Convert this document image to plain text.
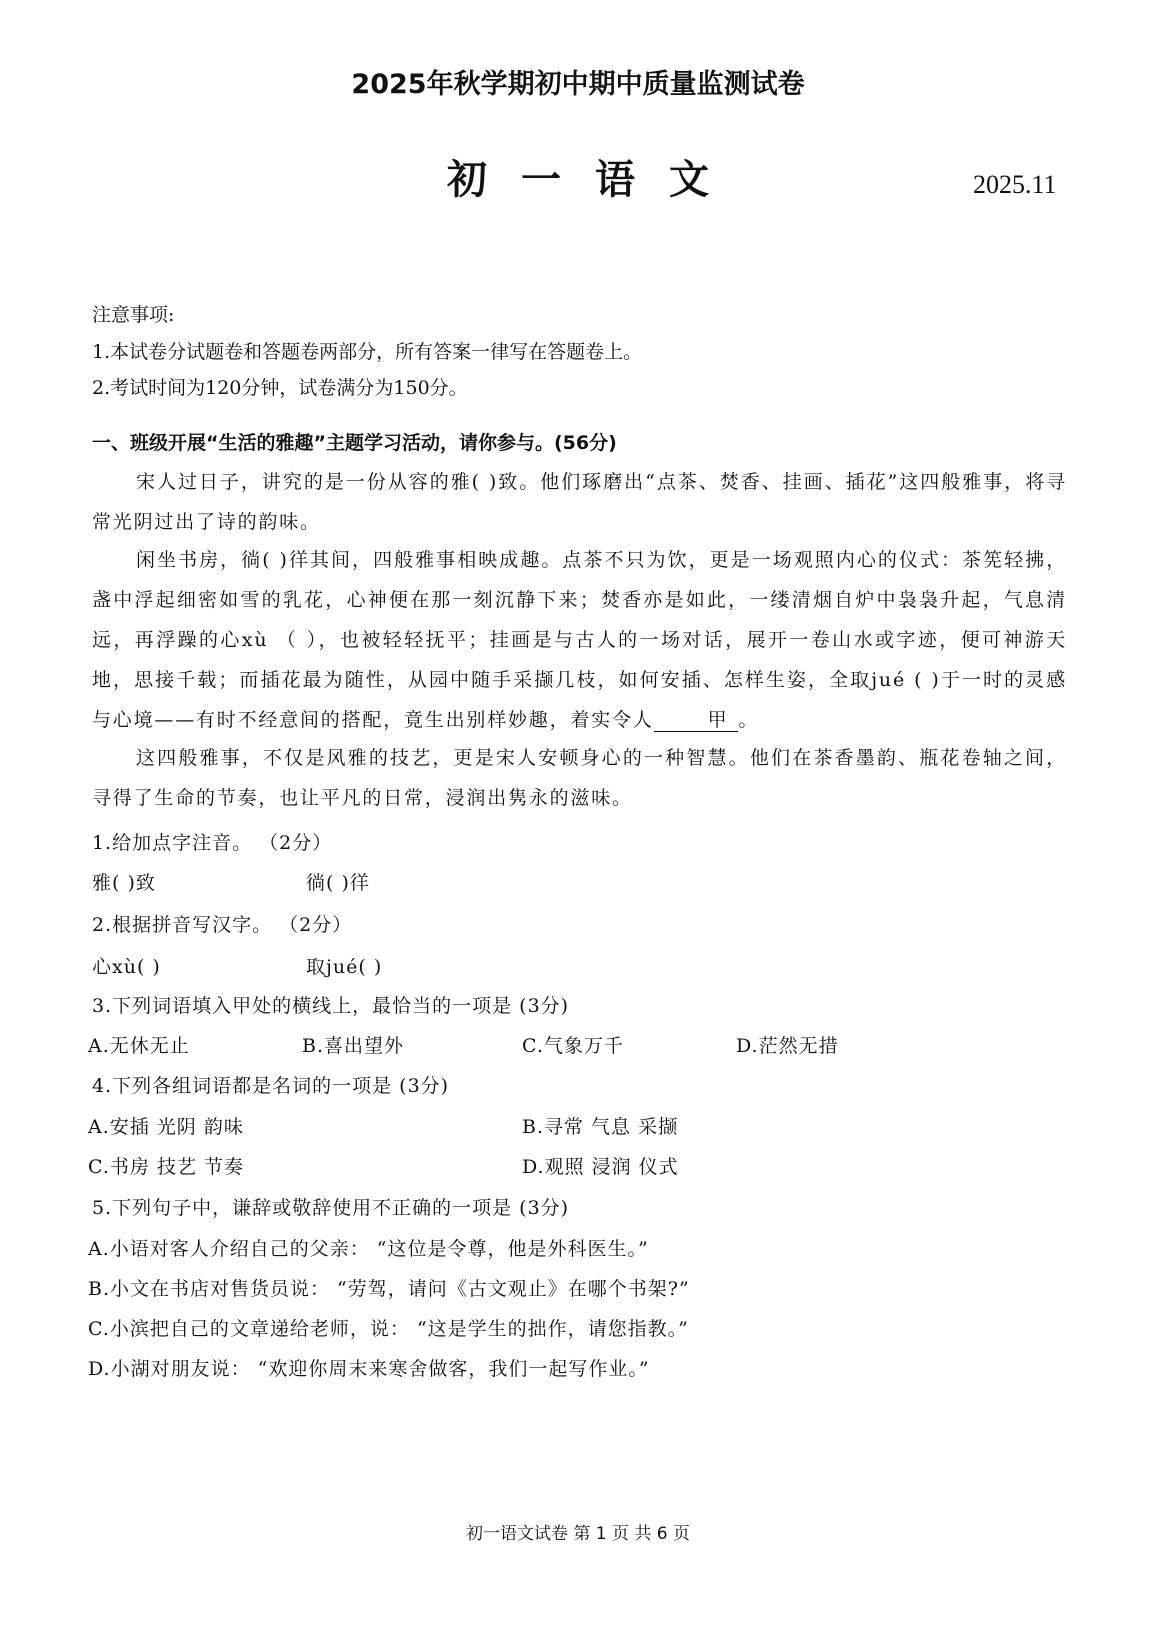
2025年秋学期初中期中质量监测试卷
初一语文	2025.11
注意事项:
1.本试卷分试题卷和答题卷两部分，所有答案一律写在答题卷上。
2.考试时间为120分钟，试卷满分为150分。
一、班级开展“生活的雅趣”主题学习活动，请你参与。(56分)
宋人过日子，讲究的是一份从容的雅( )致。他们琢磨出“点茶、焚香、挂画、插花”这四般雅事，将寻常光阴过出了诗的韵味。
闲坐书房，徜( )徉其间，四般雅事相映成趣。点茶不只为饮，更是一场观照内心的仪式：茶筅轻拂，盏中浮起细密如雪的乳花，心神便在那一刻沉静下来；焚香亦是如此，一缕清烟自炉中袅袅升起，气息清远，再浮躁的心xù （ ），也被轻轻抚平；挂画是与古人的一场对话，展开一卷山水或字迹，便可神游天地，思接千载；而插花最为随性，从园中随手采撷几枝，如何安插、怎样生姿，全取jué ( )于一时的灵感与心境——有时不经意间的搭配，竟生出别样妙趣，着实令人	甲 。
这四般雅事，不仅是风雅的技艺，更是宋人安顿身心的一种智慧。他们在茶香墨韵、瓶花卷轴之间，寻得了生命的节奏，也让平凡的日常，浸润出隽永的滋味。
1.给加点字注音。 （2分）
雅( )致	徜( )徉
2.根据拼音写汉字。 （2分）
心xù( )	取jué( )
3.下列词语填入甲处的横线上，最恰当的一项是 (3分)
A.无休无止	B.喜出望外	C.气象万千	D.茫然无措
4.下列各组词语都是名词的一项是 (3分)
A.安插 光阴 韵味	B.寻常 气息 采撷
C.书房 技艺 节奏	D.观照 浸润 仪式
5.下列句子中，谦辞或敬辞使用不正确的一项是 (3分)
A.小语对客人介绍自己的父亲： “这位是令尊，他是外科医生。”
B.小文在书店对售货员说： “劳驾，请问《古文观止》在哪个书架?”
C.小滨把自己的文章递给老师，说： “这是学生的拙作，请您指教。”
D.小湖对朋友说： “欢迎你周末来寒舍做客，我们一起写作业。”
初一语文试卷 第 1 页 共 6 页
